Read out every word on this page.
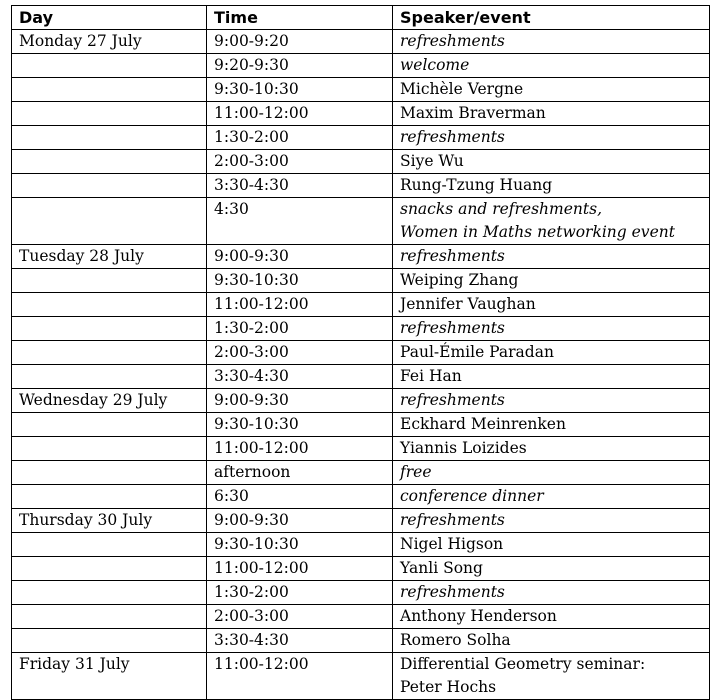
Day	Time	Speaker/event
Monday 27 July	9:00-9:20	refreshments

	9:20-9:30	welcome

	9:30-10:30	Michèle Vergne

	11:00-12:00	Maxim Braverman

	1:30-2:00	refreshments

	2:00-3:00	Siye Wu

	3:30-4:30	Rung-Tzung Huang

	4:30	snacks and refreshments,
Women in Maths networking event

Tuesday 28 July	9:00-9:30	refreshments

	9:30-10:30	Weiping Zhang

	11:00-12:00	Jennifer Vaughan

	1:30-2:00	refreshments

	2:00-3:00	Paul-Émile Paradan

	3:30-4:30	Fei Han

Wednesday 29 July	9:00-9:30	refreshments

	9:30-10:30	Eckhard Meinrenken

	11:00-12:00	Yiannis Loizides

	afternoon	free

	6:30	conference dinner

Thursday 30 July	9:00-9:30	refreshments

	9:30-10:30	Nigel Higson

	11:00-12:00	Yanli Song

	1:30-2:00	refreshments

	2:00-3:00	Anthony Henderson

	3:30-4:30	Romero Solha

Friday 31 July	11:00-12:00	Differential Geometry seminar:
Peter Hochs
